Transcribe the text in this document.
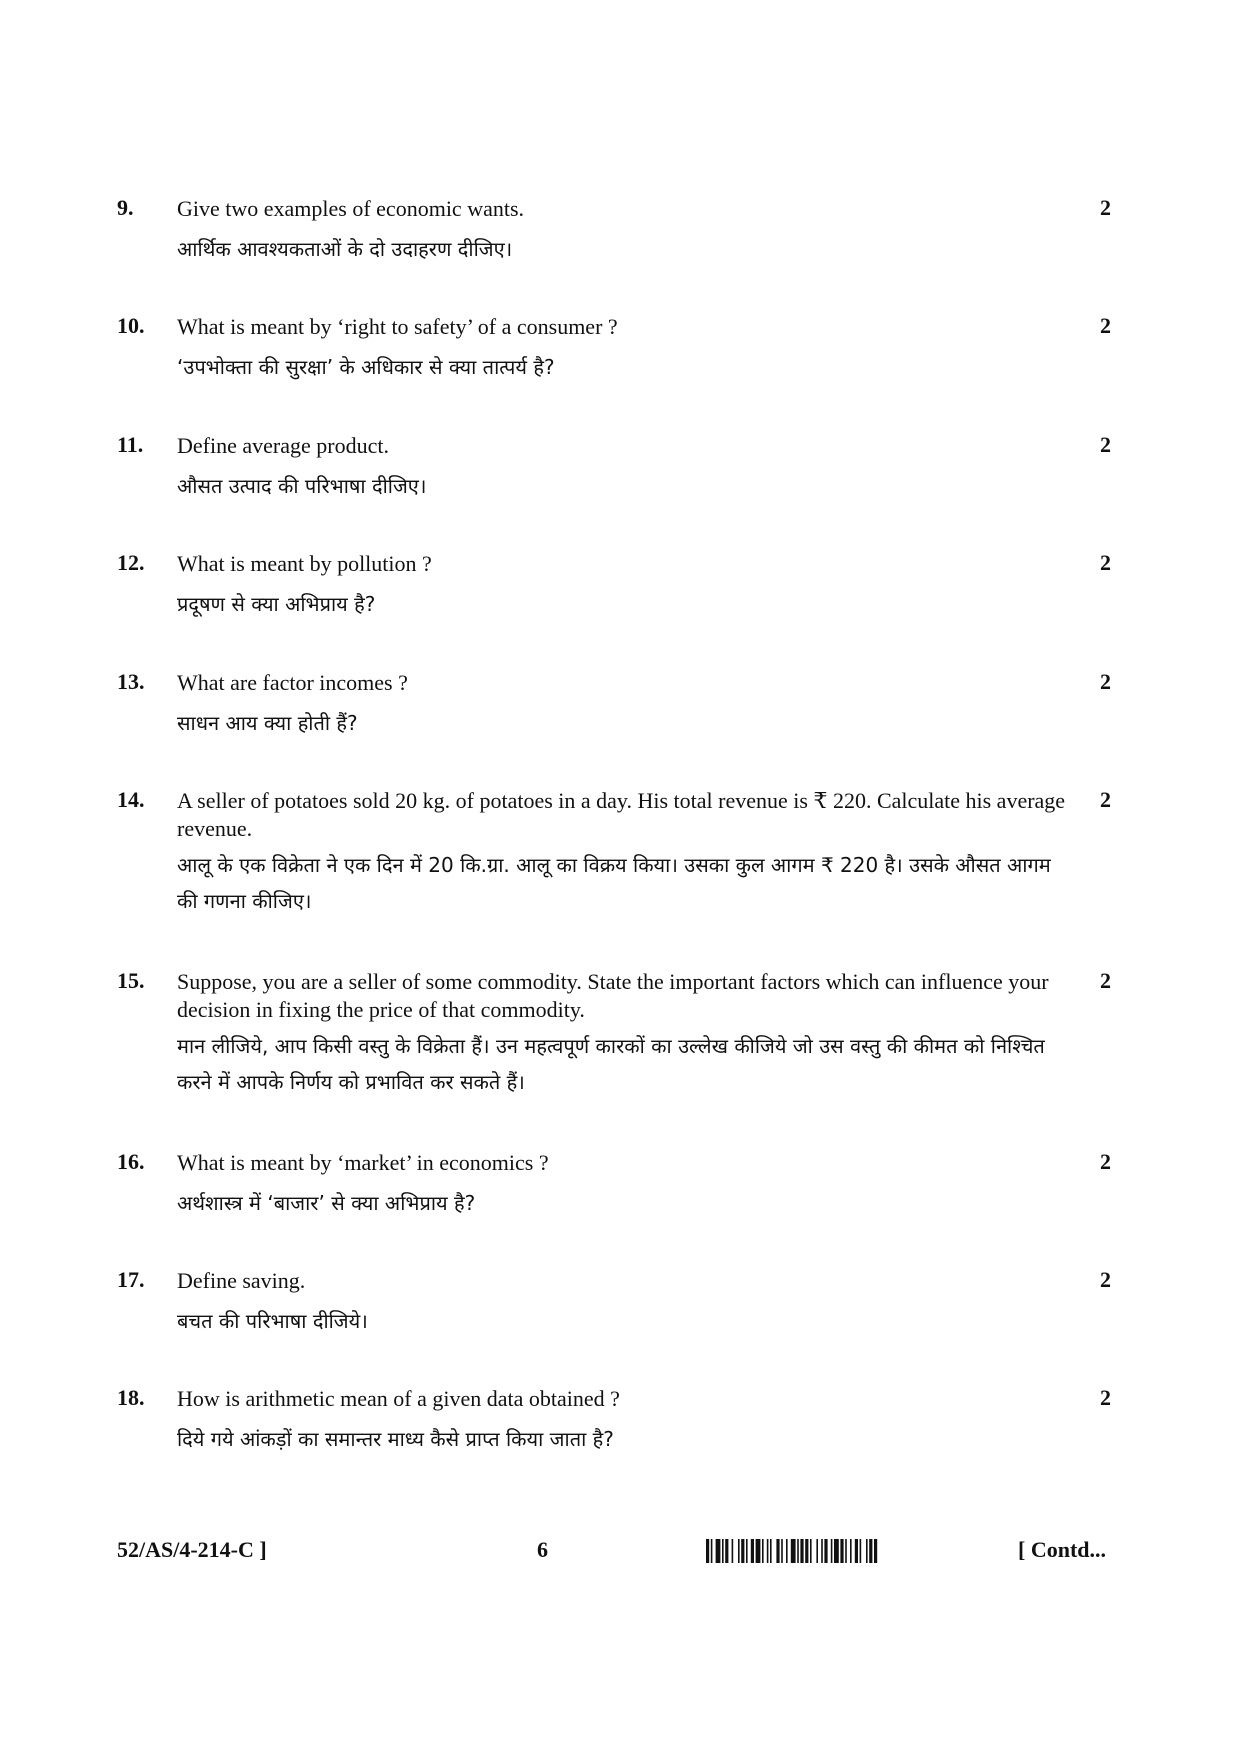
9. Give two examples of economic wants.
आर्थिक आवश्यकताओं के दो उदाहरण दीजिए।
2
10. What is meant by ‘right to safety’ of a consumer ?
‘उपभोक्ता की सुरक्षा’ के अधिकार से क्या तात्पर्य है?
2
11. Define average product.
औसत उत्पाद की परिभाषा दीजिए।
2
12. What is meant by pollution ?
प्रदूषण से क्या अभिप्राय है?
2
13. What are factor incomes ?
साधन आय क्या होती हैं?
2
14. A seller of potatoes sold 20 kg. of potatoes in a day. His total revenue is ₹ 220. Calculate his average revenue.
आलू के एक विक्रेता ने एक दिन में 20 कि.ग्रा. आलू का विक्रय किया। उसका कुल आगम ₹ 220 है। उसके औसत आगम की गणना कीजिए।
2
15. Suppose, you are a seller of some commodity. State the important factors which can influence your decision in fixing the price of that commodity.
मान लीजिये, आप किसी वस्तु के विक्रेता हैं। उन महत्वपूर्ण कारकों का उल्लेख कीजिये जो उस वस्तु की कीमत को निश्चित करने में आपके निर्णय को प्रभावित कर सकते हैं।
2
16. What is meant by ‘market’ in economics ?
अर्थशास्त्र में ‘बाजार’ से क्या अभिप्राय है?
2
17. Define saving.
बचत की परिभाषा दीजिये।
2
18. How is arithmetic mean of a given data obtained ?
दिये गये आंकड़ों का समान्तर माध्य कैसे प्राप्त किया जाता है?
2
52/AS/4-214-C ]	6	[ Contd...
